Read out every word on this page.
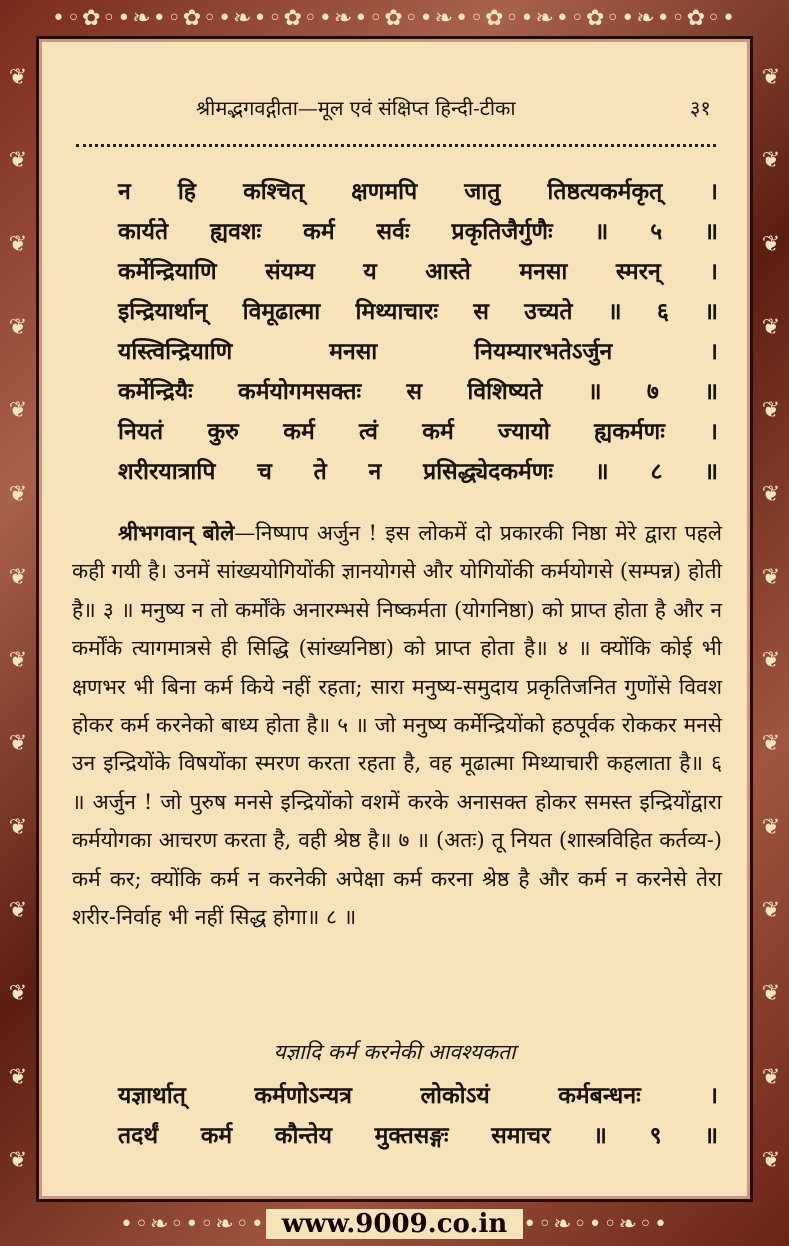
•◦✿◦•❧•◦✿◦•❧•◦✿◦•❧•◦✿◦•❧•◦✿◦•❧•◦✿◦•❧•◦✿◦•
❦
❦
❦
❦
❦
❦
❦
❦
❦
❦
❦
❦
❦
❦
❦
❦
❦
❦
❦
❦
❦
❦
❦
❦
❦
❦
❦
❦
•◦❧◦•◦❧◦• www.9009.co.in •◦❧◦•◦❧◦•
श्रीमद्भगवद्गीता—मूल एवं संक्षिप्त हिन्दी-टीका	३१
न हि कश्चित् क्षणमपि जातु तिष्ठत्यकर्मकृत् ।
कार्यते ह्यवशः कर्म सर्वः प्रकृतिजैर्गुणैः ॥ ५ ॥
कर्मेन्द्रियाणि संयम्य य आस्ते मनसा स्मरन् ।
इन्द्रियार्थान् विमूढात्मा मिथ्याचारः स उच्यते ॥ ६ ॥
यस्त्विन्द्रियाणि मनसा नियम्यारभतेऽर्जुन ।
कर्मेन्द्रियैः कर्मयोगमसक्तः स विशिष्यते ॥ ७ ॥
नियतं कुरु कर्म त्वं कर्म ज्यायो ह्यकर्मणः ।
शरीरयात्रापि च ते न प्रसिद्ध्येदकर्मणः ॥ ८ ॥
श्रीभगवान् बोले—निष्पाप अर्जुन ! इस लोकमें दो प्रकारकी निष्ठा मेरे द्वारा पहले कही गयी है। उनमें सांख्ययोगियोंकी ज्ञानयोगसे और योगियोंकी कर्मयोगसे (सम्पन्न) होती है॥ ३ ॥ मनुष्य न तो कर्मोंके अनारम्भसे निष्कर्मता (योगनिष्ठा) को प्राप्त होता है और न कर्मोंके त्यागमात्रसे ही सिद्धि (सांख्यनिष्ठा) को प्राप्त होता है॥ ४ ॥ क्योंकि कोई भी क्षणभर भी बिना कर्म किये नहीं रहता; सारा मनुष्य-समुदाय प्रकृतिजनित गुणोंसे विवश होकर कर्म करनेको बाध्य होता है॥ ५ ॥ जो मनुष्य कर्मेन्द्रियोंको हठपूर्वक रोककर मनसे उन इन्द्रियोंके विषयोंका स्मरण करता रहता है, वह मूढात्मा मिथ्याचारी कहलाता है॥ ६ ॥ अर्जुन ! जो पुरुष मनसे इन्द्रियोंको वशमें करके अनासक्त होकर समस्त इन्द्रियोंद्वारा कर्मयोगका आचरण करता है, वही श्रेष्ठ है॥ ७ ॥ (अतः) तू नियत (शास्त्रविहित कर्तव्य-) कर्म कर; क्योंकि कर्म न करनेकी अपेक्षा कर्म करना श्रेष्ठ है और कर्म न करनेसे तेरा शरीर-निर्वाह भी नहीं सिद्ध होगा॥ ८ ॥
यज्ञादि कर्म करनेकी आवश्यकता
यज्ञार्थात् कर्मणोऽन्यत्र लोकोऽयं कर्मबन्धनः ।
तदर्थं कर्म कौन्तेय मुक्तसङ्गः समाचर ॥ ९ ॥
